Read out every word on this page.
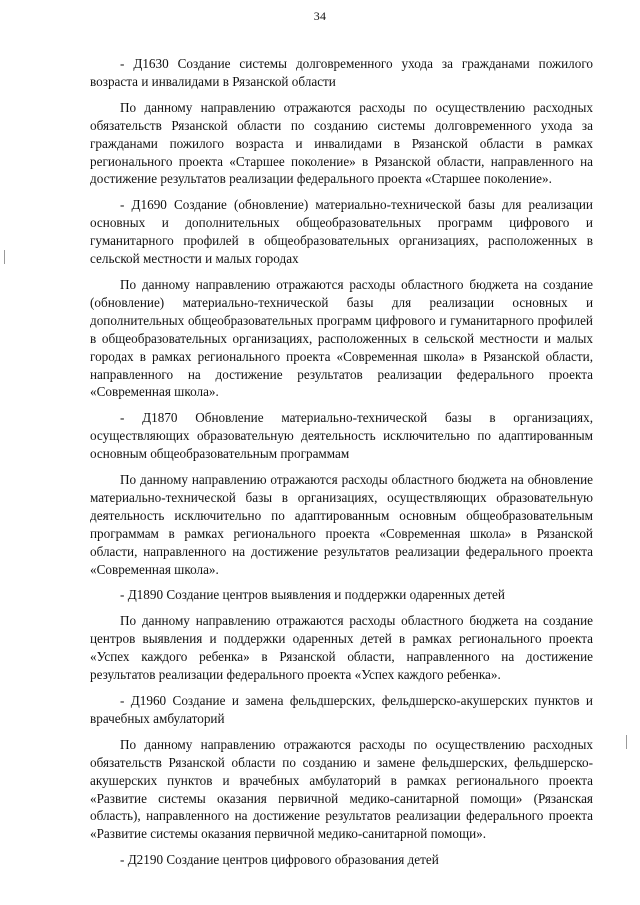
34

- Д1630 Создание системы долговременного ухода за гражданами пожилого возраста и инвалидами в Рязанской области

По данному направлению отражаются расходы по осуществлению расходных обязательств Рязанской области по созданию системы долговременного ухода за гражданами пожилого возраста и инвалидами в Рязанской области в рамках регионального проекта «Старшее поколение» в Рязанской области, направленного на достижение результатов реализации федерального проекта «Старшее поколение».

- Д1690 Создание (обновление) материально-технической базы для реализации основных и дополнительных общеобразовательных программ цифрового и гуманитарного профилей в общеобразовательных организациях, расположенных в сельской местности и малых городах

По данному направлению отражаются расходы областного бюджета на создание (обновление) материально-технической базы для реализации основных и дополнительных общеобразовательных программ цифрового и гуманитарного профилей в общеобразовательных организациях, расположенных в сельской местности и малых городах в рамках регионального проекта «Современная школа» в Рязанской области, направленного на достижение результатов реализации федерального проекта «Современная школа».

- Д1870 Обновление материально-технической базы в организациях, осуществляющих образовательную деятельность исключительно по адаптированным основным общеобразовательным программам

По данному направлению отражаются расходы областного бюджета на обновление материально-технической базы в организациях, осуществляющих образовательную деятельность исключительно по адаптированным основным общеобразовательным программам в рамках регионального проекта «Современная школа» в Рязанской области, направленного на достижение результатов реализации федерального проекта «Современная школа».

- Д1890 Создание центров выявления и поддержки одаренных детей

По данному направлению отражаются расходы областного бюджета на создание центров выявления и поддержки одаренных детей в рамках регионального проекта «Успех каждого ребенка» в Рязанской области, направленного на достижение результатов реализации федерального проекта «Успех каждого ребенка».

- Д1960 Создание и замена фельдшерских, фельдшерско-акушерских пунктов и врачебных амбулаторий

По данному направлению отражаются расходы по осуществлению расходных обязательств Рязанской области по созданию и замене фельдшерских, фельдшерско-акушерских пунктов и врачебных амбулаторий в рамках регионального проекта «Развитие системы оказания первичной медико-санитарной помощи» (Рязанская область), направленного на достижение результатов реализации федерального проекта «Развитие системы оказания первичной медико-санитарной помощи».

- Д2190 Создание центров цифрового образования детей
